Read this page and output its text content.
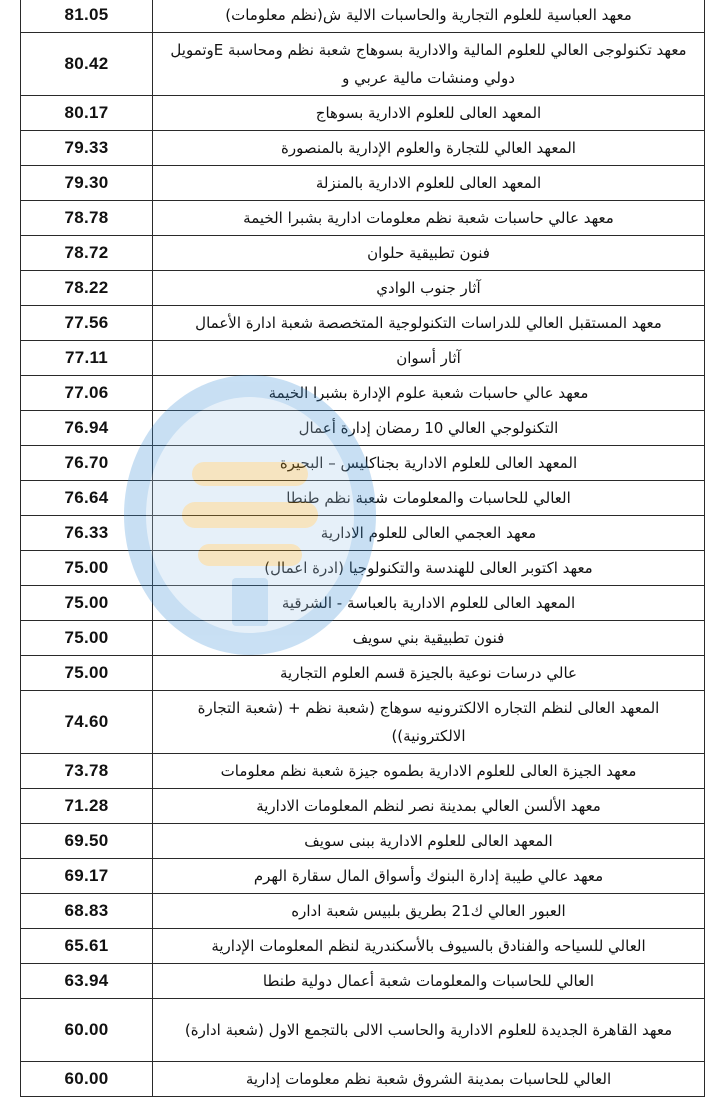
معهد العباسية للعلوم التجارية والحاسبات الالية ش(نظم معلومات)	81.05
معهد تكنولوجى العالي للعلوم المالية والادارية بسوهاج شعبة نظم ومحاسبة Eوتمويل دولي ومنشات مالية عربي و	80.42
المعهد العالى للعلوم الادارية بسوهاج	80.17
المعهد العالي للتجارة والعلوم الإدارية بالمنصورة	79.33
المعهد العالى للعلوم الادارية بالمنزلة	79.30
معهد عالي حاسبات شعبة نظم معلومات ادارية بشبرا الخيمة	78.78
فنون تطبيقية حلوان	78.72
آثار جنوب الوادي	78.22
معهد المستقبل العالي للدراسات التكنولوجية المتخصصة شعبة ادارة الأعمال	77.56
آثار أسوان	77.11
معهد عالي حاسبات شعبة علوم الإدارة بشبرا الخيمة	77.06
التكنولوجي العالي 10 رمضان إدارة أعمال	76.94
المعهد العالى للعلوم الادارية بجناكليس – البحيرة	76.70
العالي للحاسبات والمعلومات شعبة نظم طنطا	76.64
معهد العجمي العالى للعلوم الادارية	76.33
معهد اكتوبر العالى للهندسة والتكنولوجيا (ادرة اعمال)	75.00
المعهد العالى للعلوم الادارية بالعباسة - الشرقية	75.00
فنون تطبيقية بني سويف	75.00
عالي درسات نوعية بالجيزة قسم العلوم التجارية	75.00
المعهد العالى لنظم التجاره الالكترونيه سوهاج (شعبة نظم + (شعبة التجارة الالكترونية))	74.60
معهد الجيزة العالى للعلوم الادارية بطموه جيزة شعبة نظم معلومات	73.78
معهد الألسن العالي بمدينة نصر لنظم المعلومات الادارية	71.28
المعهد العالى للعلوم الادارية ببنى سويف	69.50
معهد عالي طيبة إدارة البنوك وأسواق المال سقارة الهرم	69.17
العبور العالي ك21 بطريق بلبيس شعبة اداره	68.83
العالي للسياحه والفنادق بالسيوف بالأسكندرية لنظم المعلومات الإدارية	65.61
العالي للحاسبات والمعلومات شعبة أعمال دولية طنطا	63.94
معهد القاهرة الجديدة للعلوم الادارية والحاسب الالى بالتجمع الاول (شعبة ادارة)	60.00
العالي للحاسبات بمدينة الشروق شعبة نظم معلومات إدارية	60.00
